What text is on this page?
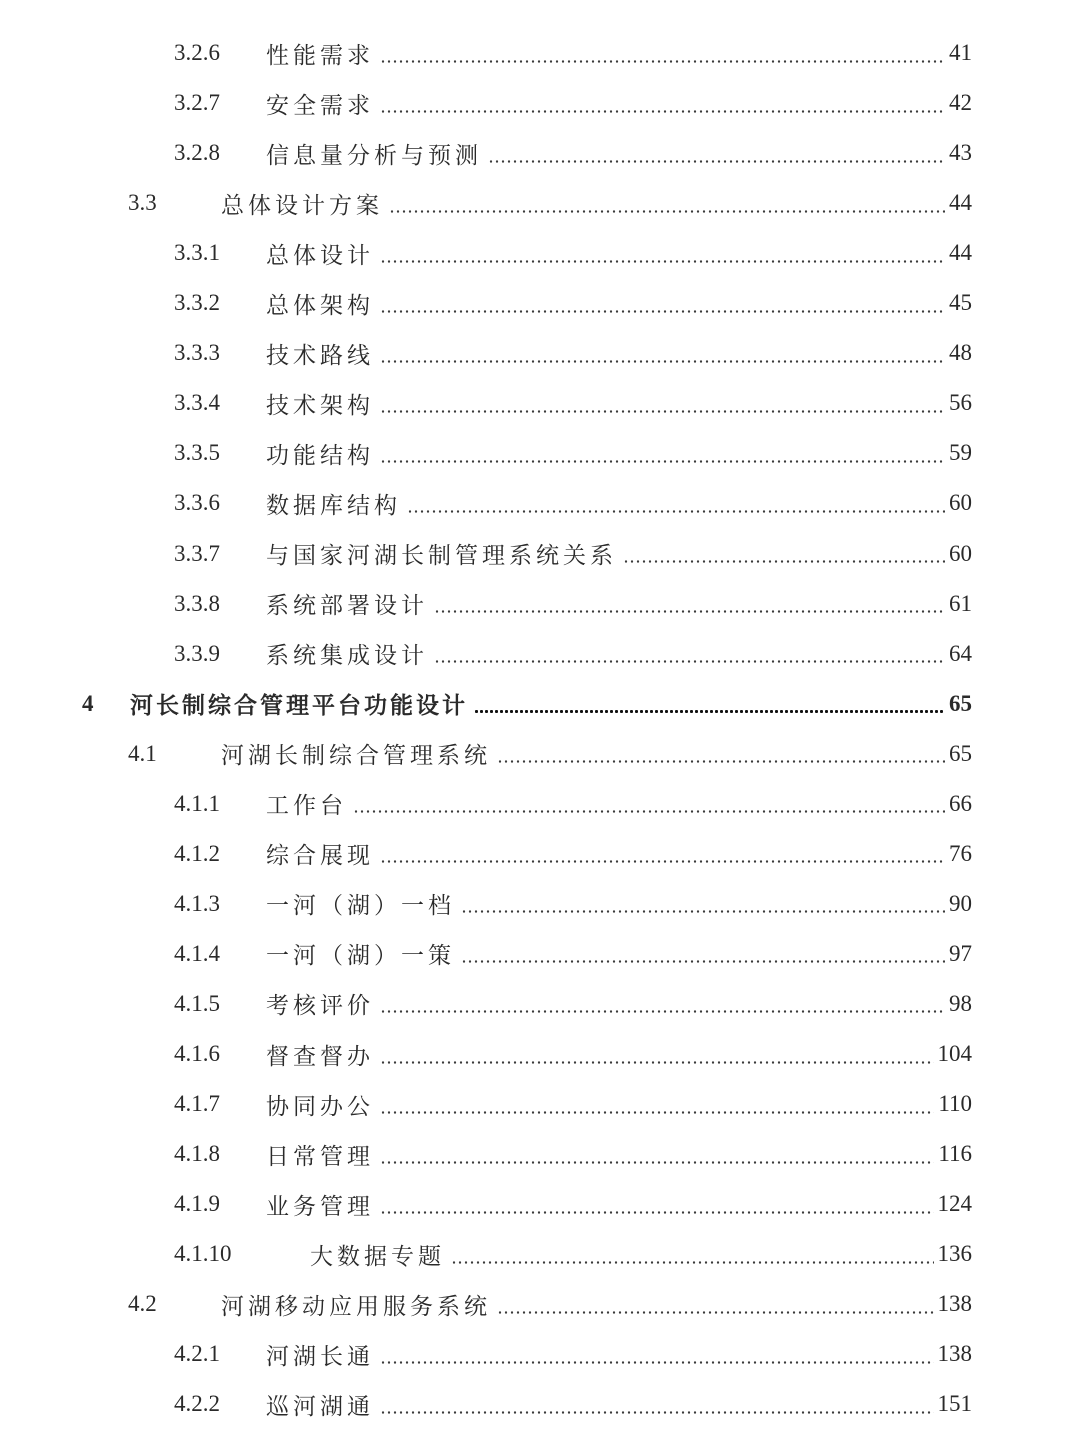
3.2.6	性能需求	41
3.2.7	安全需求	42
3.2.8	信息量分析与预测	43
3.3	总体设计方案	44
3.3.1	总体设计	44
3.3.2	总体架构	45
3.3.3	技术路线	48
3.3.4	技术架构	56
3.3.5	功能结构	59
3.3.6	数据库结构	60
3.3.7	与国家河湖长制管理系统关系	60
3.3.8	系统部署设计	61
3.3.9	系统集成设计	64
4	河长制综合管理平台功能设计	65
4.1	河湖长制综合管理系统	65
4.1.1	工作台	66
4.1.2	综合展现	76
4.1.3	一河（湖）一档	90
4.1.4	一河（湖）一策	97
4.1.5	考核评价	98
4.1.6	督查督办	104
4.1.7	协同办公	110
4.1.8	日常管理	116
4.1.9	业务管理	124
4.1.10	大数据专题	136
4.2	河湖移动应用服务系统	138
4.2.1	河湖长通	138
4.2.2	巡河湖通	151
